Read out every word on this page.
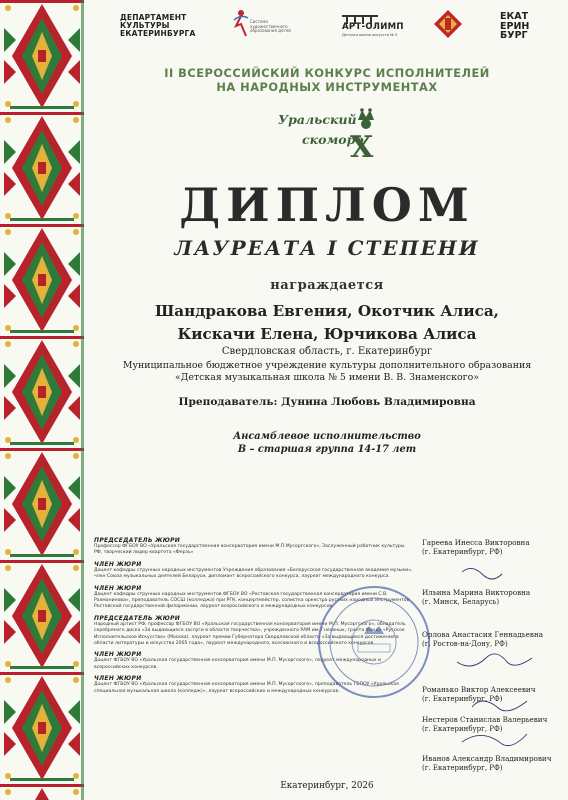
ДЕПАРТАМЕНТ
КУЛЬТУРЫ
ЕКАТЕРИНБУРГА
Система художественного образования детей	АРТ-ОЛИМП
Детская школа искусств № 3
ЕКАТ
ЕРИН
БУРГ
II ВСЕРОССИЙСКИЙ КОНКУРС ИСПОЛНИТЕЛЕЙ
НА НАРОДНЫХ ИНСТРУМЕНТАХ
Уральский
скоморо
Х
ДИПЛОМ
ЛАУРЕАТА I СТЕПЕНИ
награждается
Шандракова Евгения, Окотчик Алиса,
Кискачи Елена, Юрчикова Алиса
Свердловская область, г. Екатеринбург
Муниципальное бюджетное учреждение культуры дополнительного образования
«Детская музыкальная школа № 5 имени В. В. Знаменского»
Преподаватель: Дунина Любовь Владимировна
Ансамблевое исполнительство
В – старшая группа 14-17 лет
ПРЕДСЕДАТЕЛЬ ЖЮРИ
Профессор ФГБОУ ВО «Уральская государственная консерватория имени М.П.Мусоргского», Заслуженный работник культуры РФ, творческий лидер квартета «Ферзь»
ЧЛЕН ЖЮРИ
Доцент кафедры струнных народных инструментов Учреждения образования «Белорусская государственная академия музыки», член Союза музыкальных деятелей Беларуси, дипломант всероссийского конкурса, лауреат международного конкурса.
ЧЛЕН ЖЮРИ
Доцент кафедры струнных народных инструментов ФГБОУ ВО «Ростовская государственная консерватория имени С.В. Рахманинова», преподаватель СОСШ (колледжа) при РГК, концертмейстер, солистка оркестра русских народных инструментов Ростовской государственной филармонии, лауреат всероссийского и международных конкурсов.
ПРЕДСЕДАТЕЛЬ ЖЮРИ
Народный артист РФ, профессор ФГБОУ ВО «Уральская государственная консерватория имени М.П. Мусоргского», обладатель серебряного диска «За выдающиеся заслуги в области творчества», учрежденного РАМ им. Гнесиных, гранта Фонда «Русское Исполнительское Искусство» (Москва), лауреат премии Губернатора Свердловской области «За выдающиеся достижения в области литературы и искусства 2005 года», лауреат международного, всесоюзного и всероссийского конкурсов.
ЧЛЕН ЖЮРИ
Доцент ФГБОУ ВО «Уральская государственная консерватория имени М.П. Мусоргского», лауреат международных и всероссийских конкурсов.
ЧЛЕН ЖЮРИ
Доцент ФГБОУ ВО «Уральская государственная консерватория имени М.П. Мусоргского», преподаватель ГБПОУ «Уральская специальная музыкальная школа (колледж)», лауреат всероссийских и международных конкурсов.
Гареева Инесса Викторовна
(г. Екатеринбург, РФ)
Ильина Марина Викторовна
(г. Минск, Беларусь)
Орлова Анастасия Геннадьевна
(г. Ростов-на-Дону, РФ)
Романько Виктор Алексеевич
(г. Екатеринбург, РФ)
Нестеров Станислав Валерьевич
(г. Екатеринбург, РФ)
Иванов Александр Владимирович
(г. Екатеринбург, РФ)
Екатеринбург, 2026
